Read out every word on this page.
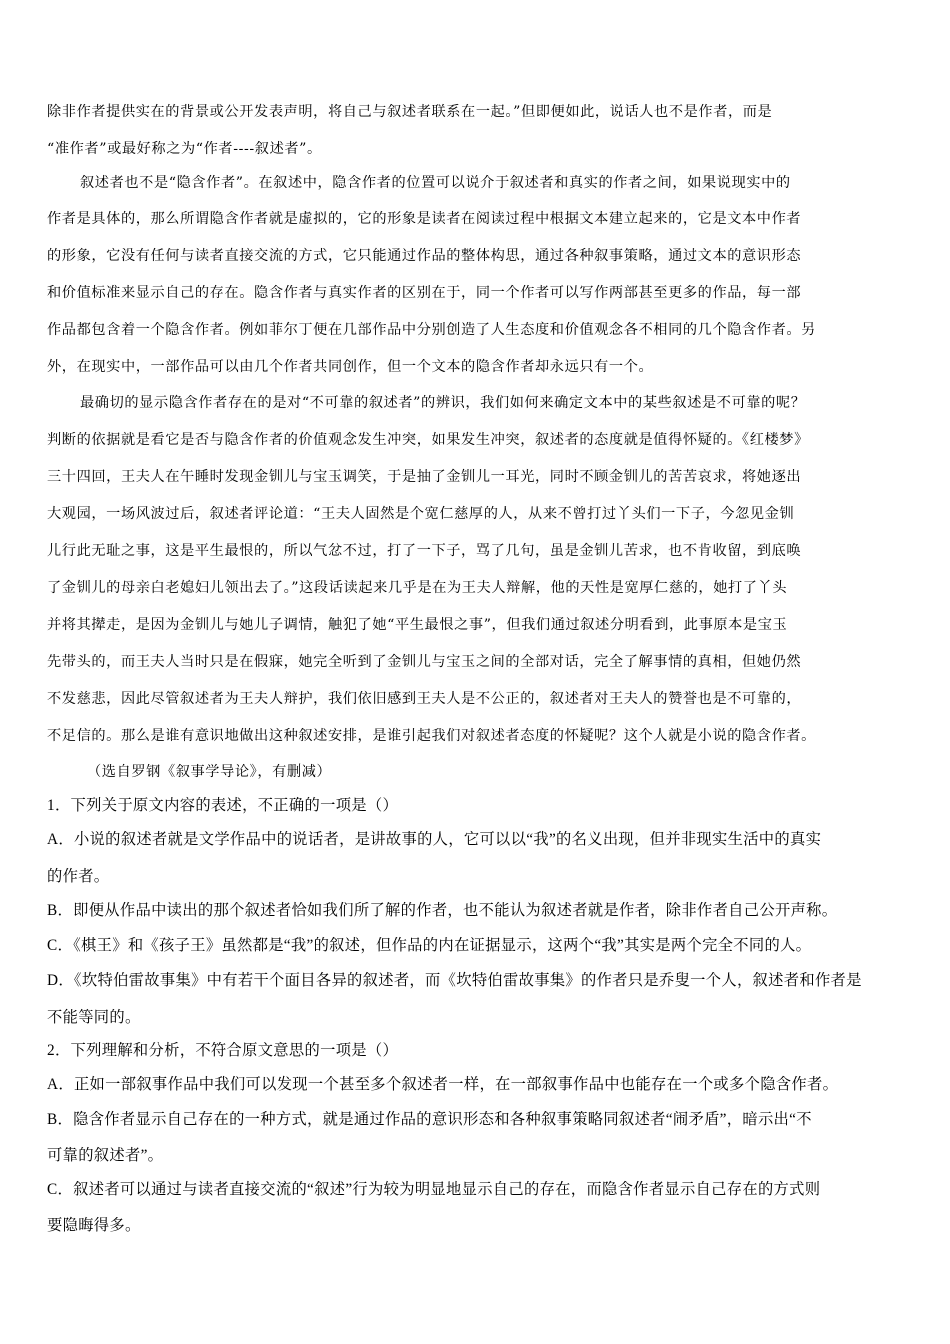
除非作者提供实在的背景或公开发表声明，将自己与叙述者联系在一起。”但即便如此，说话人也不是作者，而是

“准作者”或最好称之为“作者----叙述者”。

叙述者也不是“隐含作者”。在叙述中，隐含作者的位置可以说介于叙述者和真实的作者之间，如果说现实中的

作者是具体的，那么所谓隐含作者就是虚拟的，它的形象是读者在阅读过程中根据文本建立起来的，它是文本中作者

的形象，它没有任何与读者直接交流的方式，它只能通过作品的整体构思，通过各种叙事策略，通过文本的意识形态

和价值标准来显示自己的存在。隐含作者与真实作者的区别在于，同一个作者可以写作两部甚至更多的作品，每一部

作品都包含着一个隐含作者。例如菲尔丁便在几部作品中分别创造了人生态度和价值观念各不相同的几个隐含作者。另

外，在现实中，一部作品可以由几个作者共同创作，但一个文本的隐含作者却永远只有一个。

最确切的显示隐含作者存在的是对“不可靠的叙述者”的辨识，我们如何来确定文本中的某些叙述是不可靠的呢？

判断的依据就是看它是否与隐含作者的价值观念发生冲突，如果发生冲突，叙述者的态度就是值得怀疑的。《红楼梦》

三十四回，王夫人在午睡时发现金钏儿与宝玉调笑，于是抽了金钏儿一耳光，同时不顾金钏儿的苦苦哀求，将她逐出

大观园，一场风波过后，叙述者评论道：“王夫人固然是个宽仁慈厚的人，从来不曾打过丫头们一下子，今忽见金钏

儿行此无耻之事，这是平生最恨的，所以气忿不过，打了一下子，骂了几句，虽是金钏儿苦求，也不肯收留，到底唤

了金钏儿的母亲白老媳妇儿领出去了。”这段话读起来几乎是在为王夫人辩解，他的天性是宽厚仁慈的，她打了丫头

并将其撵走，是因为金钏儿与她儿子调情，触犯了她“平生最恨之事”，但我们通过叙述分明看到，此事原本是宝玉

先带头的，而王夫人当时只是在假寐，她完全听到了金钏儿与宝玉之间的全部对话，完全了解事情的真相，但她仍然

不发慈悲，因此尽管叙述者为王夫人辩护，我们依旧感到王夫人是不公正的，叙述者对王夫人的赞誉也是不可靠的，

不足信的。那么是谁有意识地做出这种叙述安排，是谁引起我们对叙述者态度的怀疑呢？这个人就是小说的隐含作者。

（选自罗钢《叙事学导论》，有删减）

1．下列关于原文内容的表述，不正确的一项是（）

A．小说的叙述者就是文学作品中的说话者，是讲故事的人，它可以以“我”的名义出现，但并非现实生活中的真实

的作者。

B．即便从作品中读出的那个叙述者恰如我们所了解的作者，也不能认为叙述者就是作者，除非作者自己公开声称。

C．《棋王》和《孩子王》虽然都是“我”的叙述，但作品的内在证据显示，这两个“我”其实是两个完全不同的人。

D．《坎特伯雷故事集》中有若干个面目各异的叙述者，而《坎特伯雷故事集》的作者只是乔叟一个人，叙述者和作者是

不能等同的。

2．下列理解和分析，不符合原文意思的一项是（）

A．正如一部叙事作品中我们可以发现一个甚至多个叙述者一样，在一部叙事作品中也能存在一个或多个隐含作者。

B．隐含作者显示自己存在的一种方式，就是通过作品的意识形态和各种叙事策略同叙述者“闹矛盾”，暗示出“不

可靠的叙述者”。

C．叙述者可以通过与读者直接交流的“叙述”行为较为明显地显示自己的存在，而隐含作者显示自己存在的方式则

要隐晦得多。
